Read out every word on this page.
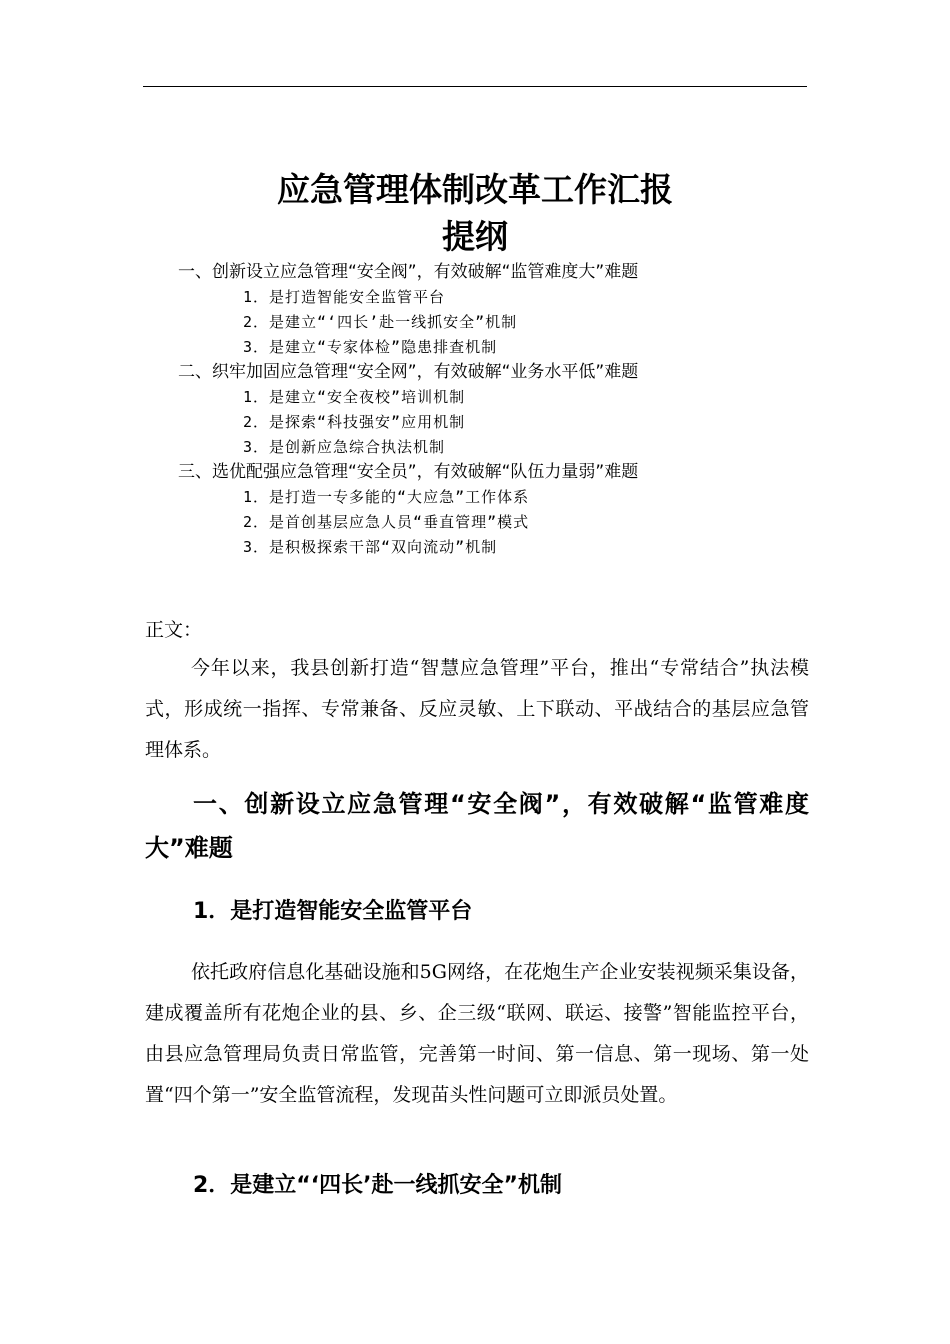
应急管理体制改革工作汇报
提纲
一、创新设立应急管理“安全阀”，有效破解“监管难度大”难题
1．是打造智能安全监管平台
2．是建立“‘四长’赴一线抓安全”机制
3．是建立“专家体检”隐患排查机制
二、织牢加固应急管理“安全网”，有效破解“业务水平低”难题
1．是建立“安全夜校”培训机制
2．是探索“科技强安”应用机制
3．是创新应急综合执法机制
三、选优配强应急管理“安全员”，有效破解“队伍力量弱”难题
1．是打造一专多能的“大应急”工作体系
2．是首创基层应急人员“垂直管理”模式
3．是积极探索干部“双向流动”机制
正文：
今年以来，我县创新打造“智慧应急管理”平台，推出“专常结合”执法模式，形成统一指挥、专常兼备、反应灵敏、上下联动、平战结合的基层应急管理体系。
一、创新设立应急管理“安全阀”，有效破解“监管难度大”难题
1．是打造智能安全监管平台
依托政府信息化基础设施和5G网络，在花炮生产企业安装视频采集设备，建成覆盖所有花炮企业的县、乡、企三级“联网、联运、接警”智能监控平台，由县应急管理局负责日常监管，完善第一时间、第一信息、第一现场、第一处置“四个第一”安全监管流程，发现苗头性问题可立即派员处置。
2．是建立“‘四长’赴一线抓安全”机制
